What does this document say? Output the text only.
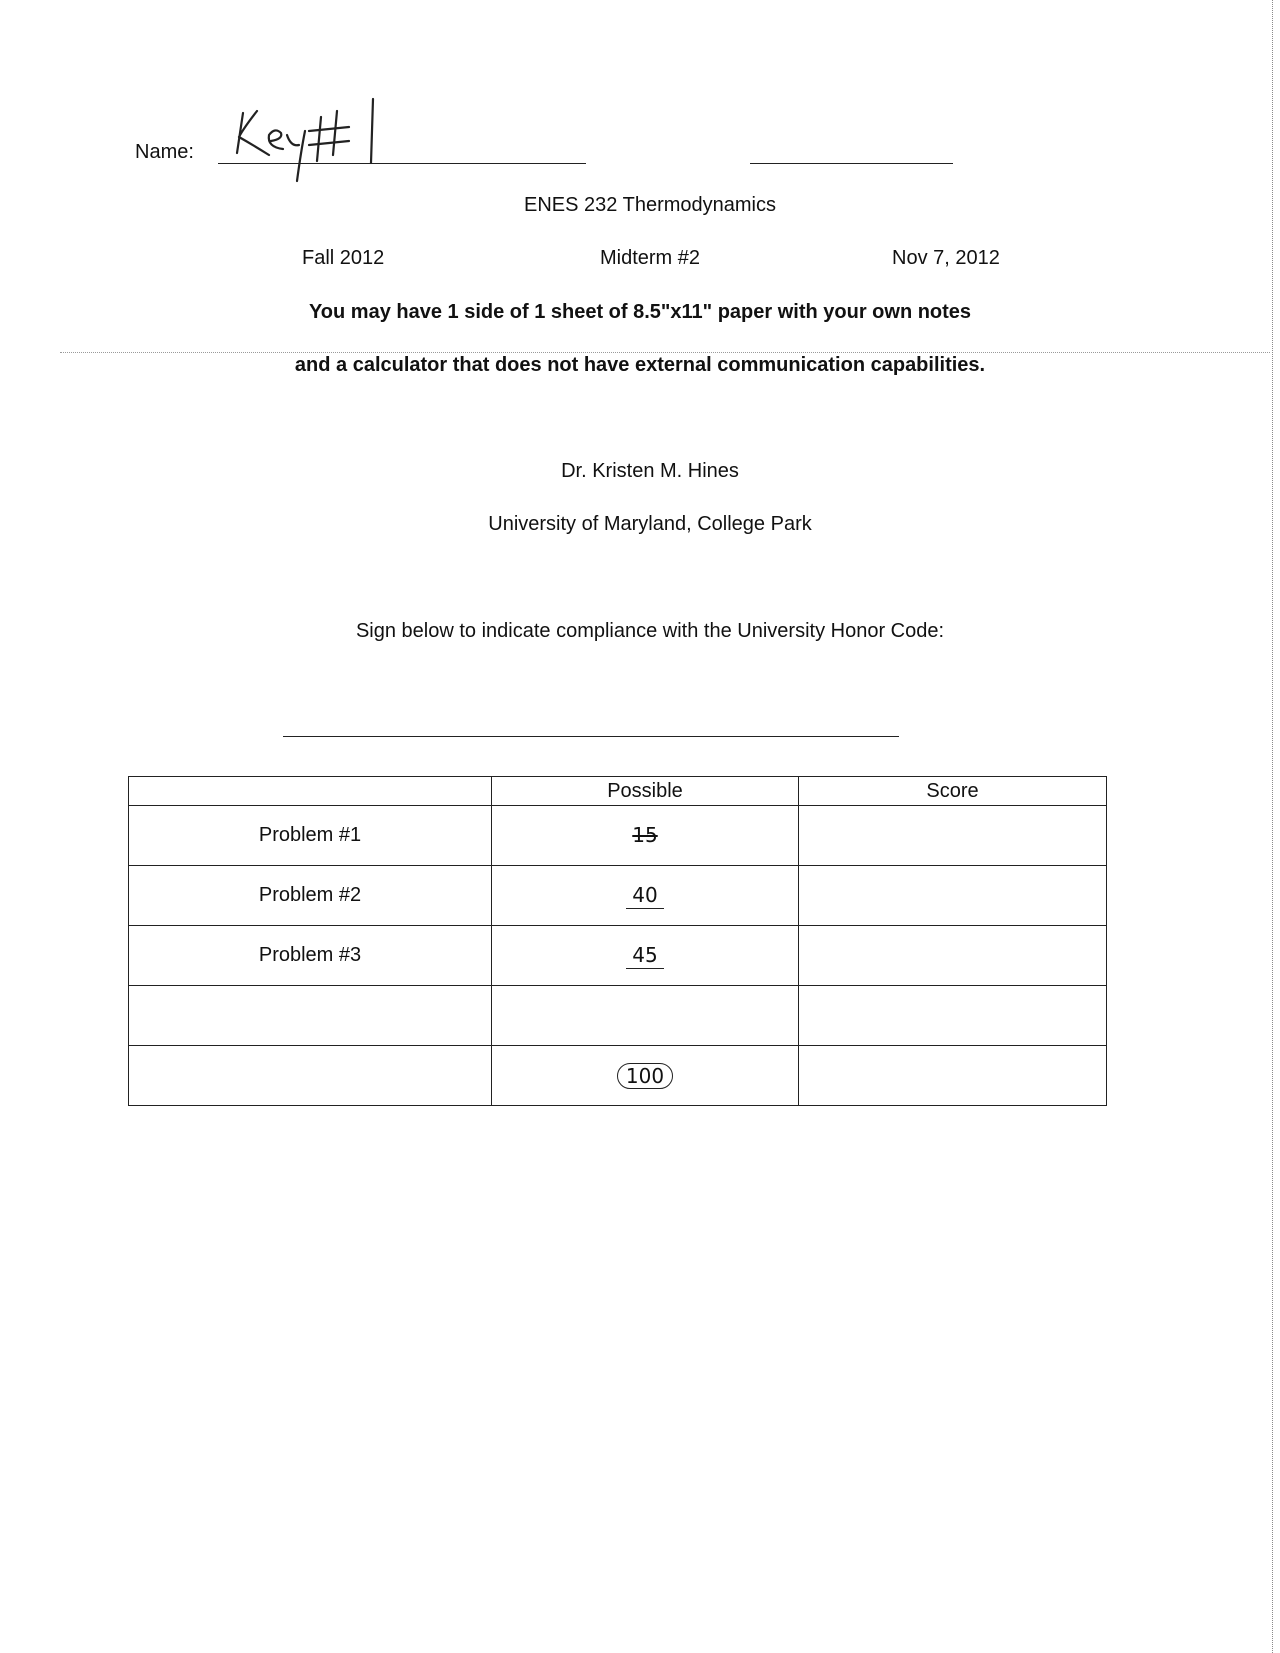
Name:
ENES 232 Thermodynamics
Fall 2012	Midterm #2	Nov 7, 2012
You may have 1 side of 1 sheet of 8.5"x11" paper with your own notes
and a calculator that does not have external communication capabilities.
Dr. Kristen M. Hines
University of Maryland, College Park
Sign below to indicate compliance with the University Honor Code:
	Possible	Score
Problem #1	15	
Problem #2	40	
Problem #3	45	

	100	
